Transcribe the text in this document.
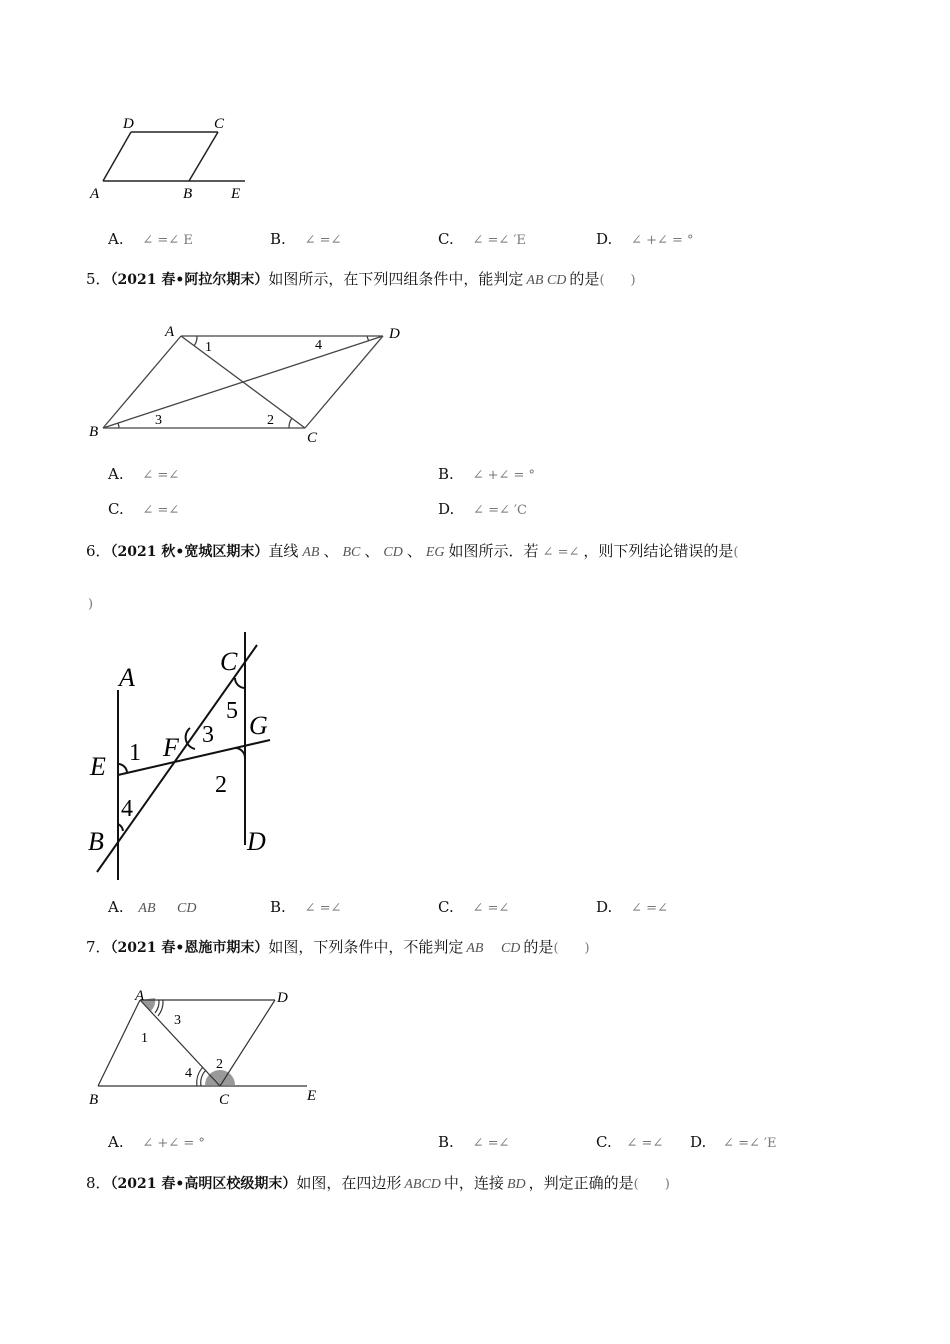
D	C
A	B	E
A. ∠ =∠ E	B. ∠ =∠	C. ∠ =∠ ′E	D. ∠ +∠ = °
5．（2021 春•阿拉尔期末）如图所示，在下列四组条件中，能判定 AB CD 的是(　　)
A	D
B	C
1	4
3	2
A. ∠ =∠	B. ∠ +∠ = °
C. ∠ =∠	D. ∠ =∠ ′C
6．（2021 秋•宽城区期末）直线 AB 、 BC 、 CD 、 EG 如图所示．若 ∠ =∠ ，则下列结论错误的是(
)
A
C
G
F
E
B	D
1
3
5
2
4
A. AB CD	B. ∠ =∠	C. ∠ =∠	D. ∠ =∠
7．（2021 春•恩施市期末）如图，下列条件中，不能判定 AB CD 的是(　　)
A	D
B	C	E
3
1
2
4
A. ∠ +∠ = °	B. ∠ =∠	C. ∠ =∠ D. ∠ =∠ ′E
8．（2021 春•高明区校级期末）如图，在四边形 ABCD 中，连接 BD ，判定正确的是(　　)
